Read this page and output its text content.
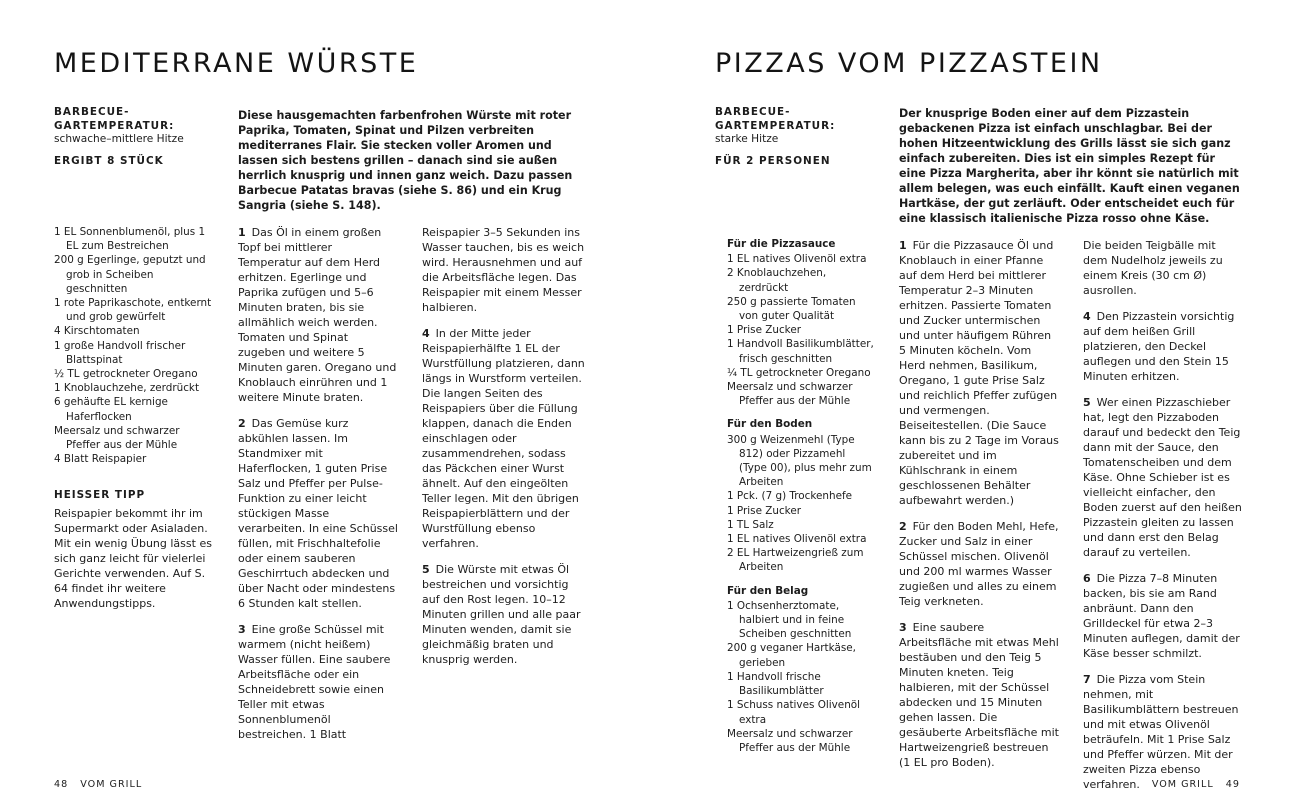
MEDITERRANE WÜRSTE
BARBECUE-
GARTEMPERATUR:
schwache–mittlere Hitze
ERGIBT 8 STÜCK
Diese hausgemachten farbenfrohen Würste mit roter Paprika, Tomaten, Spinat und Pilzen verbreiten mediterranes Flair. Sie stecken voller Aromen und lassen sich bestens grillen – danach sind sie außen herrlich knusprig und innen ganz weich. Dazu passen Barbecue Patatas bravas (siehe S. 86) und ein Krug Sangria (siehe S. 148).
1 EL Sonnenblumenöl, plus 1 EL zum Bestreichen
200 g Egerlinge, geputzt und grob in Scheiben geschnitten
1 rote Paprikaschote, entkernt und grob gewürfelt
4 Kirschtomaten
1 große Handvoll frischer Blattspinat
½ TL getrockneter Oregano
1 Knoblauchzehe, zerdrückt
6 gehäufte EL kernige Haferflocken
Meersalz und schwarzer Pfeffer aus der Mühle
4 Blatt Reispapier
HEISSER TIPP
Reispapier bekommt ihr im Supermarkt oder Asialaden. Mit ein wenig Übung lässt es sich ganz leicht für vielerlei Gerichte verwenden. Auf S. 64 findet ihr weitere Anwendungstipps.
1 Das Öl in einem großen Topf bei mittlerer Temperatur auf dem Herd erhitzen. Egerlinge und Paprika zufügen und 5–6 Minuten braten, bis sie allmählich weich werden. Tomaten und Spinat zugeben und weitere 5 Minuten garen. Oregano und Knoblauch einrühren und 1 weitere Minute braten.
2 Das Gemüse kurz abkühlen lassen. Im Standmixer mit Haferflocken, 1 guten Prise Salz und Pfeffer per Pulse-Funktion zu einer leicht stückigen Masse verarbeiten. In eine Schüssel füllen, mit Frischhaltefolie oder einem sauberen Geschirrtuch abdecken und über Nacht oder mindestens 6 Stunden kalt stellen.
3 Eine große Schüssel mit warmem (nicht heißem) Wasser füllen. Eine saubere Arbeitsfläche oder ein Schneidebrett sowie einen Teller mit etwas Sonnenblumenöl bestreichen. 1 Blatt
Reispapier 3–5 Sekunden ins Wasser tauchen, bis es weich wird. Herausnehmen und auf die Arbeitsfläche legen. Das Reispapier mit einem Messer halbieren.
4 In der Mitte jeder Reispapierhälfte 1 EL der Wurstfüllung platzieren, dann längs in Wurstform verteilen. Die langen Seiten des Reispapiers über die Füllung klappen, danach die Enden einschlagen oder zusammendrehen, sodass das Päckchen einer Wurst ähnelt. Auf den eingeölten Teller legen. Mit den übrigen Reispapierblättern und der Wurstfüllung ebenso verfahren.
5 Die Würste mit etwas Öl bestreichen und vorsichtig auf den Rost legen. 10–12 Minuten grillen und alle paar Minuten wenden, damit sie gleichmäßig braten und knusprig werden.
48 VOM GRILL
PIZZAS VOM PIZZASTEIN
BARBECUE-
GARTEMPERATUR:
starke Hitze
FÜR 2 PERSONEN
Der knusprige Boden einer auf dem Pizzastein gebackenen Pizza ist einfach unschlagbar. Bei der hohen Hitzeentwicklung des Grills lässt sie sich ganz einfach zubereiten. Dies ist ein simples Rezept für eine Pizza Margherita, aber ihr könnt sie natürlich mit allem belegen, was euch einfällt. Kauft einen veganen Hartkäse, der gut zerläuft. Oder entscheidet euch für eine klassisch italienische Pizza rosso ohne Käse.
Für die Pizzasauce
1 EL natives Olivenöl extra
2 Knoblauchzehen, zerdrückt
250 g passierte Tomaten von guter Qualität
1 Prise Zucker
1 Handvoll Basilikumblätter, frisch geschnitten
¼ TL getrockneter Oregano
Meersalz und schwarzer Pfeffer aus der Mühle
Für den Boden
300 g Weizenmehl (Type 812) oder Pizzamehl (Type 00), plus mehr zum Arbeiten
1 Pck. (7 g) Trockenhefe
1 Prise Zucker
1 TL Salz
1 EL natives Olivenöl extra
2 EL Hartweizengrieß zum Arbeiten
Für den Belag
1 Ochsenherztomate, halbiert und in feine Scheiben geschnitten
200 g veganer Hartkäse, gerieben
1 Handvoll frische Basilikumblätter
1 Schuss natives Olivenöl extra
Meersalz und schwarzer Pfeffer aus der Mühle
1 Für die Pizzasauce Öl und Knoblauch in einer Pfanne auf dem Herd bei mittlerer Temperatur 2–3 Minuten erhitzen. Passierte Tomaten und Zucker untermischen und unter häufigem Rühren 5 Minuten köcheln. Vom Herd nehmen, Basilikum, Oregano, 1 gute Prise Salz und reichlich Pfeffer zufügen und vermengen. Beiseitestellen. (Die Sauce kann bis zu 2 Tage im Voraus zubereitet und im Kühlschrank in einem geschlossenen Behälter aufbewahrt werden.)
2 Für den Boden Mehl, Hefe, Zucker und Salz in einer Schüssel mischen. Olivenöl und 200 ml warmes Wasser zugießen und alles zu einem Teig verkneten.
3 Eine saubere Arbeitsfläche mit etwas Mehl bestäuben und den Teig 5 Minuten kneten. Teig halbieren, mit der Schüssel abdecken und 15 Minuten gehen lassen. Die gesäuberte Arbeitsfläche mit Hartweizengrieß bestreuen (1 EL pro Boden).
Die beiden Teigbälle mit dem Nudelholz jeweils zu einem Kreis (30 cm Ø) ausrollen.
4 Den Pizzastein vorsichtig auf dem heißen Grill platzieren, den Deckel auflegen und den Stein 15 Minuten erhitzen.
5 Wer einen Pizzaschieber hat, legt den Pizzaboden darauf und bedeckt den Teig dann mit der Sauce, den Tomatenscheiben und dem Käse. Ohne Schieber ist es vielleicht einfacher, den Boden zuerst auf den heißen Pizzastein gleiten zu lassen und dann erst den Belag darauf zu verteilen.
6 Die Pizza 7–8 Minuten backen, bis sie am Rand anbräunt. Dann den Grilldeckel für etwa 2–3 Minuten auflegen, damit der Käse besser schmilzt.
7 Die Pizza vom Stein nehmen, mit Basilikumblättern bestreuen und mit etwas Olivenöl beträufeln. Mit 1 Prise Salz und Pfeffer würzen. Mit der zweiten Pizza ebenso verfahren.	VOM GRILL 49
